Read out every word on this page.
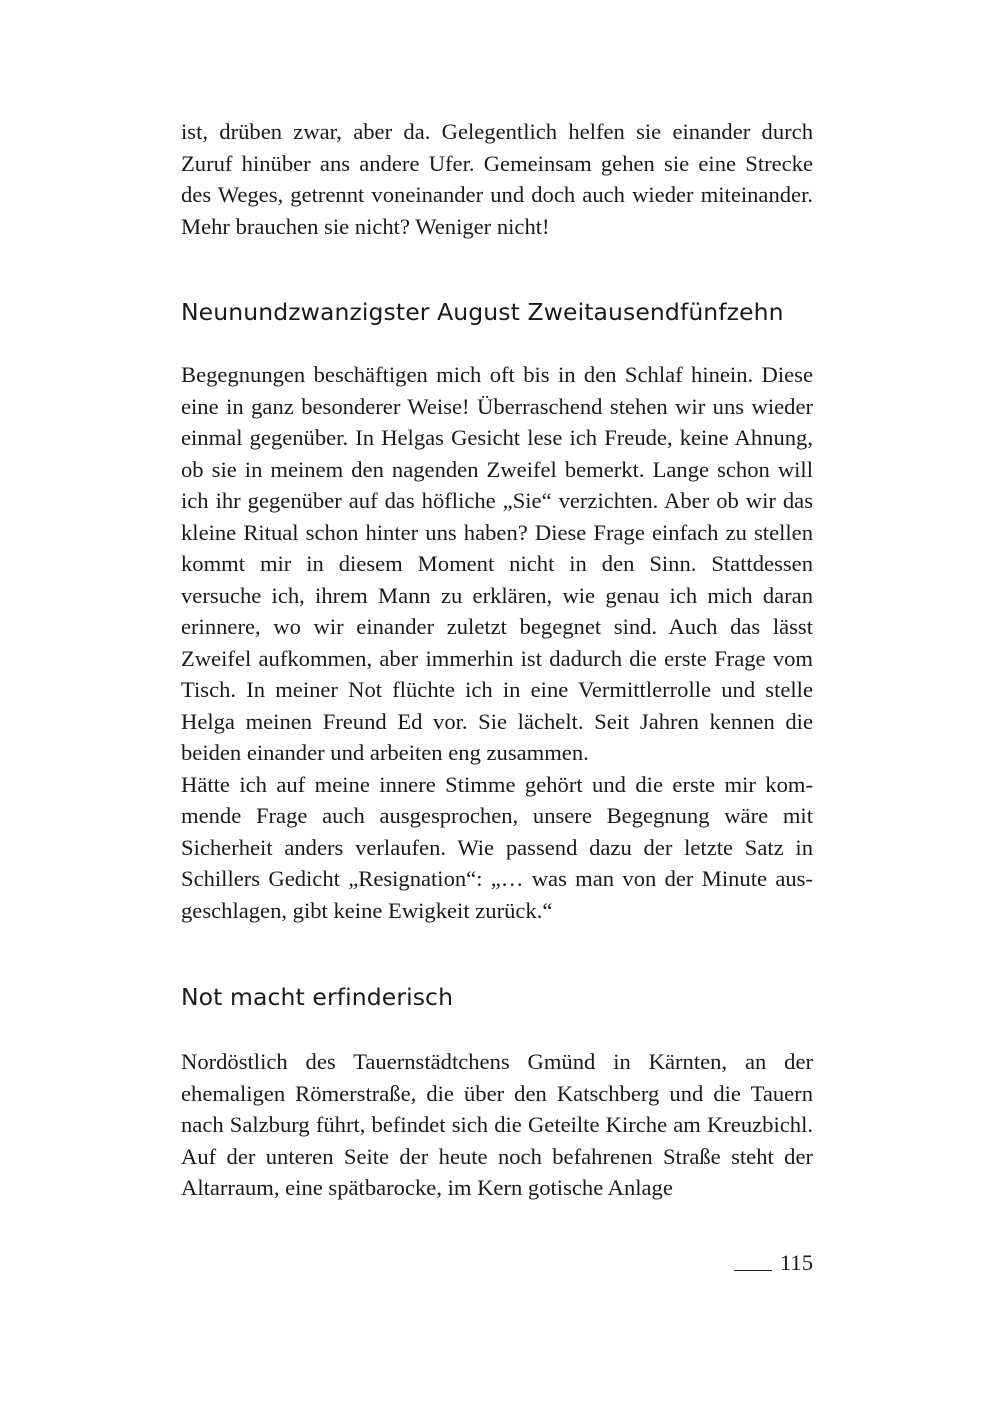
ist, drüben zwar, aber da. Gelegentlich helfen sie einander durch Zuruf hinüber ans andere Ufer. Gemeinsam gehen sie eine Strecke des Weges, getrennt voneinander und doch auch wieder miteinander. Mehr brauchen sie nicht? Weniger nicht!

Neunundzwanzigster August Zweitausendfünfzehn

Begegnungen beschäftigen mich oft bis in den Schlaf hinein. Diese eine in ganz besonderer Weise! Überraschend stehen wir uns wieder einmal gegenüber. In Helgas Gesicht lese ich Freude, keine Ahnung, ob sie in meinem den nagenden Zweifel bemerkt. Lange schon will ich ihr gegenüber auf das höfliche „Sie“ verzichten. Aber ob wir das kleine Ritual schon hinter uns haben? Diese Frage einfach zu stellen kommt mir in diesem Moment nicht in den Sinn. Stattdessen versuche ich, ihrem Mann zu erklären, wie genau ich mich daran erinnere, wo wir einander zuletzt begegnet sind. Auch das lässt Zweifel aufkommen, aber immerhin ist dadurch die erste Frage vom Tisch. In meiner Not flüchte ich in eine Vermittlerrolle und stelle Helga meinen Freund Ed vor. Sie lächelt. Seit Jahren kennen die beiden einander und arbeiten eng zusammen.

Hätte ich auf meine innere Stimme gehört und die erste mir kommende Frage auch ausgesprochen, unsere Begegnung wäre mit Sicherheit anders verlaufen. Wie passend dazu der letzte Satz in Schillers Gedicht „Resignation“: „… was man von der Minute ausgeschlagen, gibt keine Ewigkeit zurück.“

Not macht erfinderisch

Nordöstlich des Tauernstädtchens Gmünd in Kärnten, an der ehemaligen Römerstraße, die über den Katschberg und die Tauern nach Salzburg führt, befindet sich die Geteilte Kirche am Kreuzbichl. Auf der unteren Seite der heute noch befahrenen Straße steht der Altarraum, eine spätbarocke, im Kern gotische Anlage

115
